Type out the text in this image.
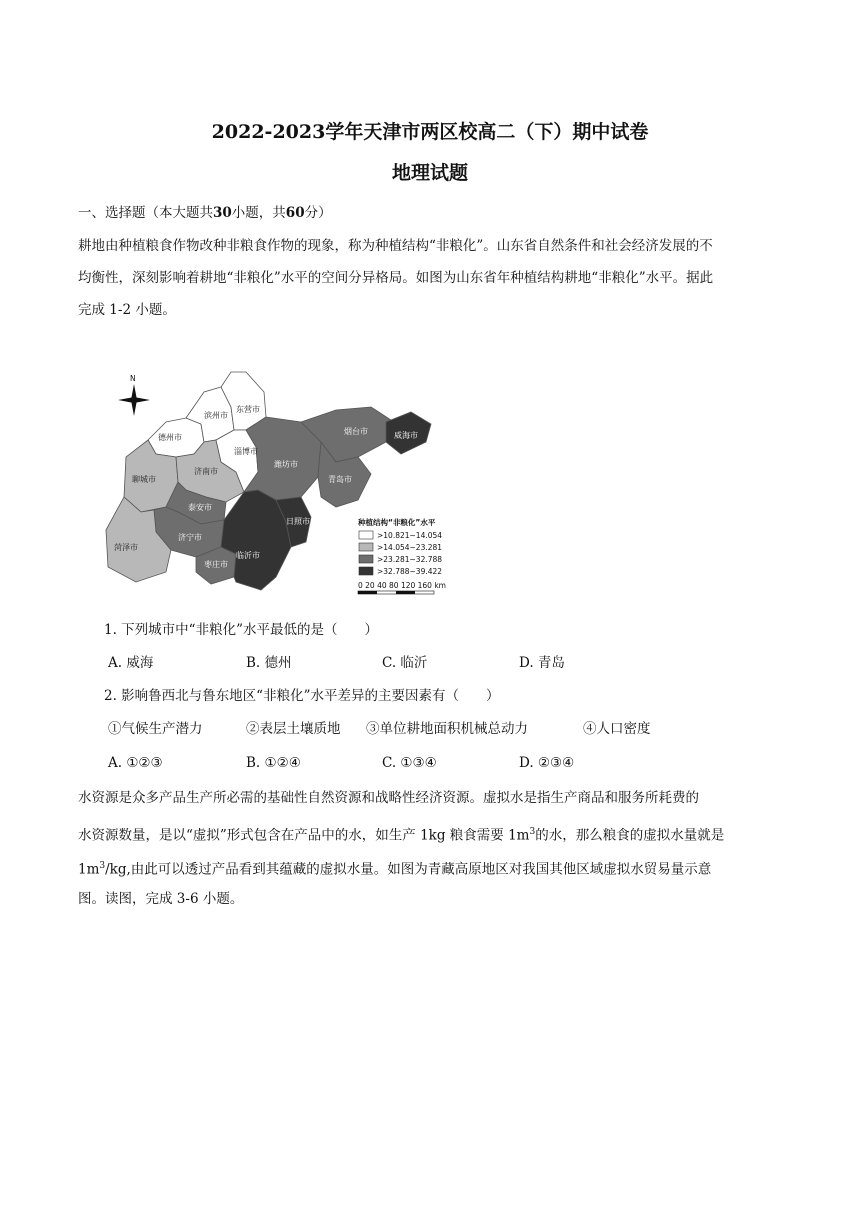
2022-2023学年天津市两区校高二（下）期中试卷
地理试题
一、选择题（本大题共30小题，共60分）
耕地由种植粮食作物改种非粮食作物的现象，称为种植结构“非粮化”。山东省自然条件和社会经济发展的不
均衡性，深刻影响着耕地“非粮化”水平的空间分异格局。如图为山东省年种植结构耕地“非粮化”水平。据此
完成 1-2 小题。
N
德州市
滨州市
东营市
聊城市
济南市
淄博市
潍坊市
烟台市	威海市
青岛市
泰安市
济宁市
菏泽市
枣庄市
临沂市
日照市	种植结构“非粮化”水平
>10.821~14.054
>14.054~23.281
>23.281~32.788
>32.788~39.422
0 20 40 80 120 160 km
1. 下列城市中“非粮化”水平最低的是（　　）
A. 威海	B. 德州	C. 临沂	D. 青岛
2. 影响鲁西北与鲁东地区“非粮化”水平差异的主要因素有（　　）
①气候生产潜力	②表层土壤质地 ③单位耕地面积机械总动力	④人口密度
A. ①②③	B. ①②④	C. ①③④	D. ②③④
水资源是众多产品生产所必需的基础性自然资源和战略性经济资源。虚拟水是指生产商品和服务所耗费的
水资源数量，是以“虚拟”形式包含在产品中的水，如生产 1kg 粮食需要 $1m^3$的水，那么粮食的虚拟水量就是
$1m^3/kg$,由此可以透过产品看到其蕴藏的虚拟水量。如图为青藏高原地区对我国其他区域虚拟水贸易量示意
图。读图，完成 3-6 小题。
